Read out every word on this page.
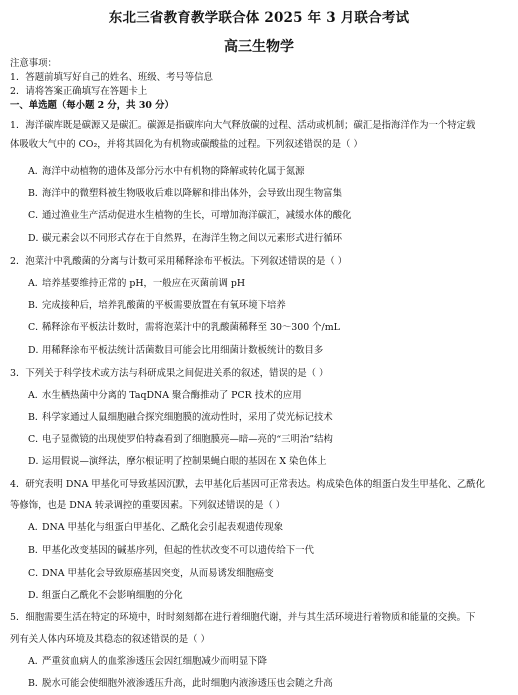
东北三省教育教学联合体 2025 年 3 月联合考试
高三生物学
注意事项：
1．答题前填写好自己的姓名、班级、考号等信息
2．请将答案正确填写在答题卡上
一、单选题（每小题 2 分，共 30 分）
1．海洋碳库既是碳源又是碳汇。碳源是指碳库向大气释放碳的过程、活动或机制；碳汇是指海洋作为一个特定载
体吸收大气中的 CO₂，并将其固化为有机物或碳酸盐的过程。下列叙述错误的是（ ）
A．海洋中动植物的遗体及部分污水中有机物的降解或转化属于氮源
B．海洋中的微塑料被生物吸收后难以降解和排出体外，会导致出现生物富集
C．通过渔业生产活动促进水生植物的生长，可增加海洋碳汇，减缓水体的酸化
D．碳元素会以不同形式存在于自然界，在海洋生物之间以元素形式进行循环
2．泡菜汁中乳酸菌的分离与计数可采用稀释涂布平板法。下列叙述错误的是（ ）
A．培养基要维持正常的 pH，一般应在灭菌前调 pH
B．完成接种后，培养乳酸菌的平板需要放置在有氧环境下培养
C．稀释涂布平板法计数时，需将泡菜汁中的乳酸菌稀释至 30～300 个/mL
D．用稀释涂布平板法统计活菌数目可能会比用细菌计数板统计的数目多
3．下列关于科学技术或方法与科研成果之间促进关系的叙述，错误的是（ ）
A．水生栖热菌中分离的 TaqDNA 聚合酶推动了 PCR 技术的应用
B．科学家通过人鼠细胞融合探究细胞膜的流动性时，采用了荧光标记技术
C．电子显微镜的出现使罗伯特森看到了细胞膜亮—暗—亮的“三明治”结构
D．运用假说—演绎法，摩尔根证明了控制果蝇白眼的基因在 X 染色体上
4．研究表明 DNA 甲基化可导致基因沉默，去甲基化后基因可正常表达。构成染色体的组蛋白发生甲基化、乙酰化
等修饰，也是 DNA 转录调控的重要因素。下列叙述错误的是（ ）
A．DNA 甲基化与组蛋白甲基化、乙酰化会引起表观遗传现象
B．甲基化改变基因的碱基序列，但起的性状改变不可以遗传给下一代
C．DNA 甲基化会导致原癌基因突变，从而易诱发细胞癌变
D．组蛋白乙酰化不会影响细胞的分化
5．细胞需要生活在特定的环境中，时时刻刻都在进行着细胞代谢，并与其生活环境进行着物质和能量的交换。下
列有关人体内环境及其稳态的叙述错误的是（ ）
A．严重贫血病人的血浆渗透压会因红细胞减少而明显下降
B．脱水可能会使细胞外液渗透压升高，此时细胞内液渗透压也会随之升高
